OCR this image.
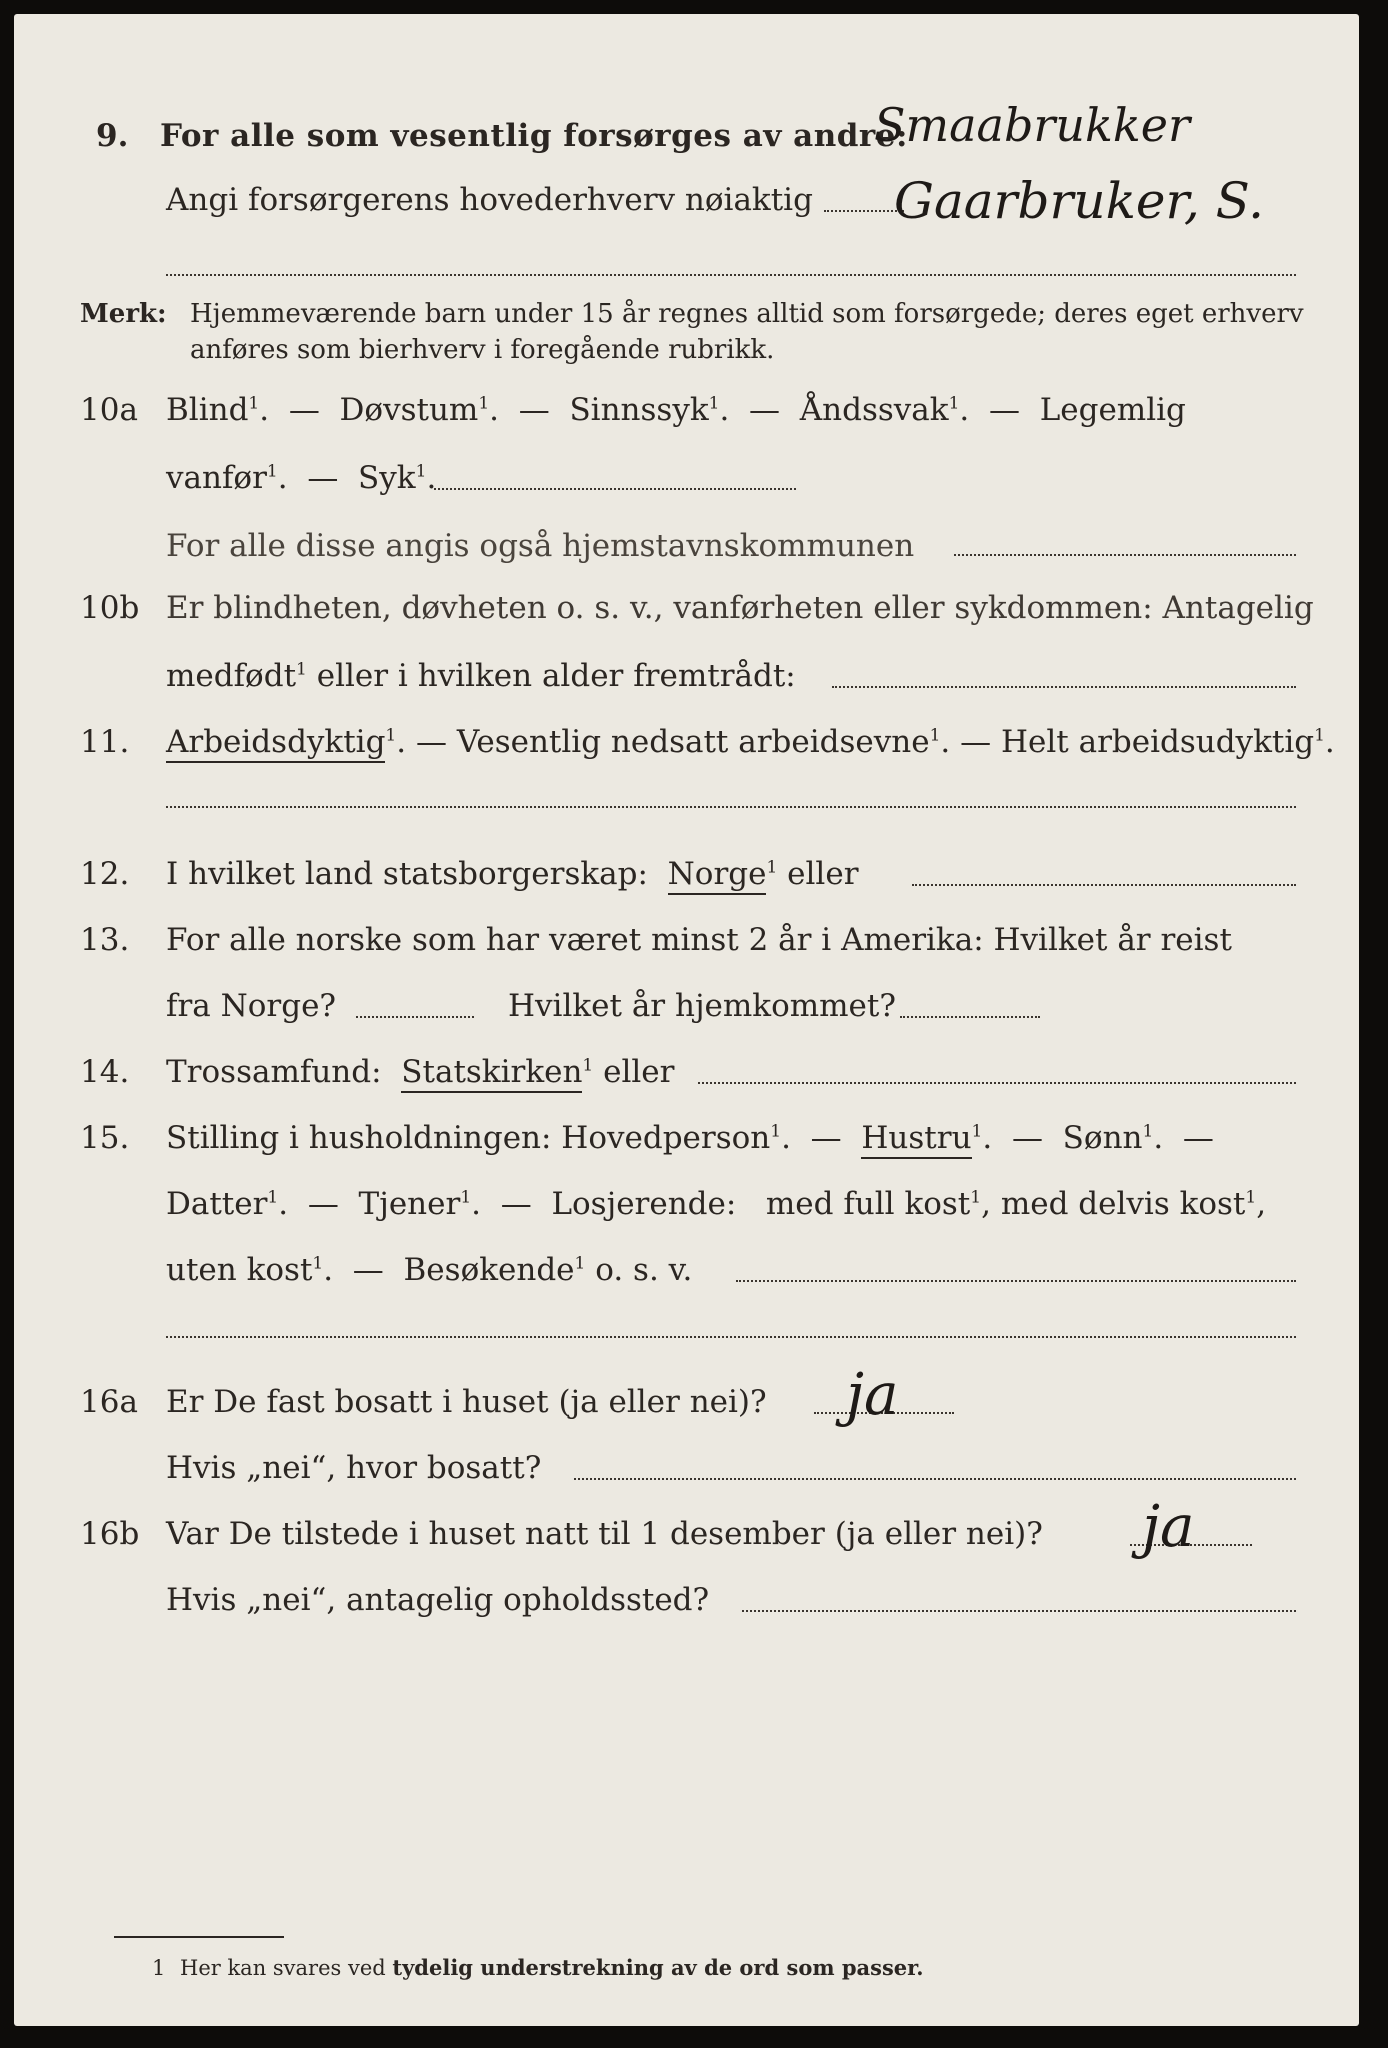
9. For alle som vesentlig forsørges av andre:
Smaabrukker
Angi forsørgerens hovederhverv nøiaktig Gaarbruker, S.
Merk: Hjemmeværende barn under 15 år regnes alltid som forsørgede; deres eget erhverv
anføres som bierhverv i foregående rubrikk.
10a Blind$^1$.  —  Døvstum$^1$.  —  Sinnssyk$^1$.  —  Åndssvak$^1$.  —  Legemlig
vanfør$^1$.  —  Syk$^1$.
For alle disse angis også hjemstavnskommunen
10b Er blindheten, døvheten o. s. v., vanførheten eller sykdommen: Antagelig
medfødt$^1$ eller i hvilken alder fremtrådt:
11. Arbeidsdyktig$^1$. — Vesentlig nedsatt arbeidsevne$^1$. — Helt arbeidsudyktig$^1$.
12. I hvilket land statsborgerskap: Norge$^1$ eller
13. For alle norske som har været minst 2 år i Amerika: Hvilket år reist
fra Norge?	Hvilket år hjemkommet?
14. Trossamfund: Statskirken$^1$ eller
15. Stilling i husholdningen: Hovedperson$^1$.  —  Hustru$^1$.  —  Sønn$^1$.  —
Datter$^1$.  —  Tjener$^1$.  —  Losjerende: med full kost$^1$, med delvis kost$^1$,
uten kost$^1$.  —  Besøkende$^1$ o. s. v.
16a Er De fast bosatt i huset (ja eller nei)? ja
Hvis „nei“, hvor bosatt?
16b Var De tilstede i huset natt til 1 desember (ja eller nei)? ja
Hvis „nei“, antagelig opholdssted?
1 Her kan svares ved tydelig understrekning av de ord som passer.
